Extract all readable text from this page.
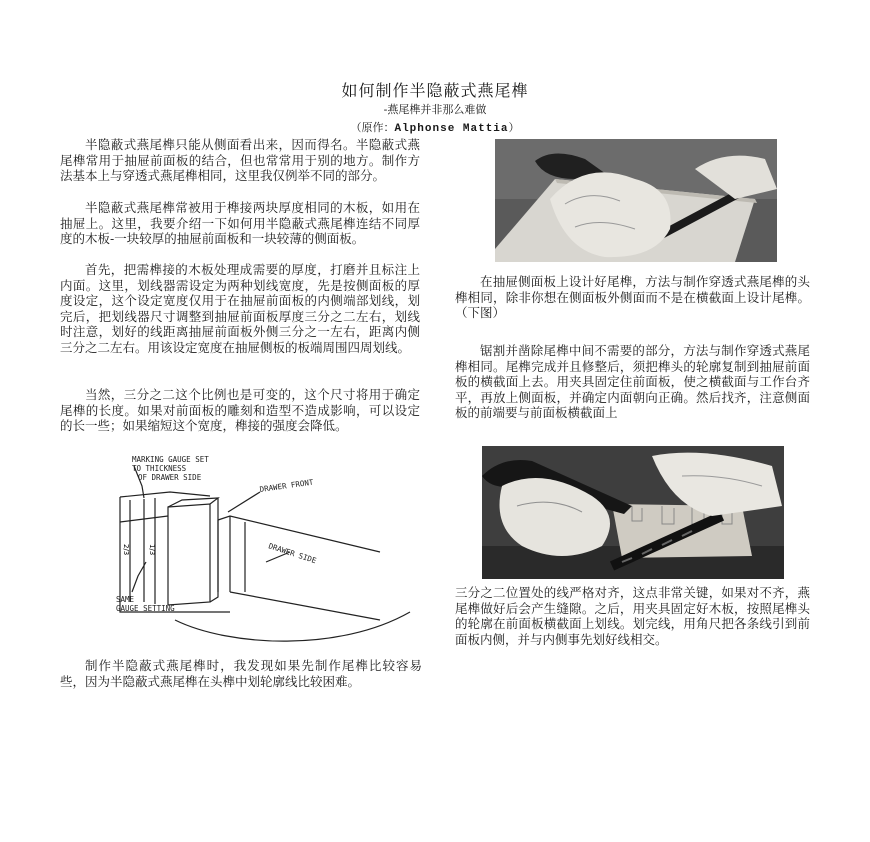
如何制作半隐蔽式燕尾榫
-燕尾榫并非那么难做
（原作：Alphonse Mattia）

半隐蔽式燕尾榫只能从侧面看出来，因而得名。半隐蔽式燕尾榫常用于抽屉前面板的结合，但也常常用于别的地方。制作方法基本上与穿透式燕尾榫相同，这里我仅例举不同的部分。

半隐蔽式燕尾榫常被用于榫接两块厚度相同的木板，如用在抽屉上。这里，我要介绍一下如何用半隐蔽式燕尾榫连结不同厚度的木板-一块较厚的抽屉前面板和一块较薄的侧面板。

首先，把需榫接的木板处理成需要的厚度，打磨并且标注上内面。这里，划线器需设定为两种划线宽度，先是按侧面板的厚度设定，这个设定宽度仅用于在抽屉前面板的内侧端部划线，划完后，把划线器尺寸调整到抽屉前面板厚度三分之二左右，划线时注意，划好的线距离抽屉前面板外侧三分之一左右，距离内侧三分之二左右。用该设定宽度在抽屉侧板的板端周围四周划线。

当然，三分之二这个比例也是可变的，这个尺寸将用于确定尾榫的长度。如果对前面板的雕刻和造型不造成影响，可以设定的长一些；如果缩短这个宽度，榫接的强度会降低。

2/3	1/3
MARKING GAUGE SET
TO THICKNESS
OF DRAWER SIDE
DRAWER FRONT
DRAWER SIDE
SAME
GAUGE SETTING

制作半隐蔽式燕尾榫时，我发现如果先制作尾榫比较容易些，因为半隐蔽式燕尾榫在头榫中划轮廓线比较困难。

在抽屉侧面板上设计好尾榫，方法与制作穿透式燕尾榫的头榫相同，除非你想在侧面板外侧面而不是在横截面上设计尾榫。（下图）

锯割并凿除尾榫中间不需要的部分，方法与制作穿透式燕尾榫相同。尾榫完成并且修整后，须把榫头的轮廓复制到抽屉前面板的横截面上去。用夹具固定住前面板，使之横截面与工作台齐平，再放上侧面板，并确定内面朝向正确。然后找齐，注意侧面板的前端要与前面板横截面上

三分之二位置处的线严格对齐，这点非常关键，如果对不齐，燕尾榫做好后会产生缝隙。之后，用夹具固定好木板，按照尾榫头的轮廓在前面板横截面上划线。划完线，用角尺把各条线引到前面板内侧，并与内侧事先划好线相交。
